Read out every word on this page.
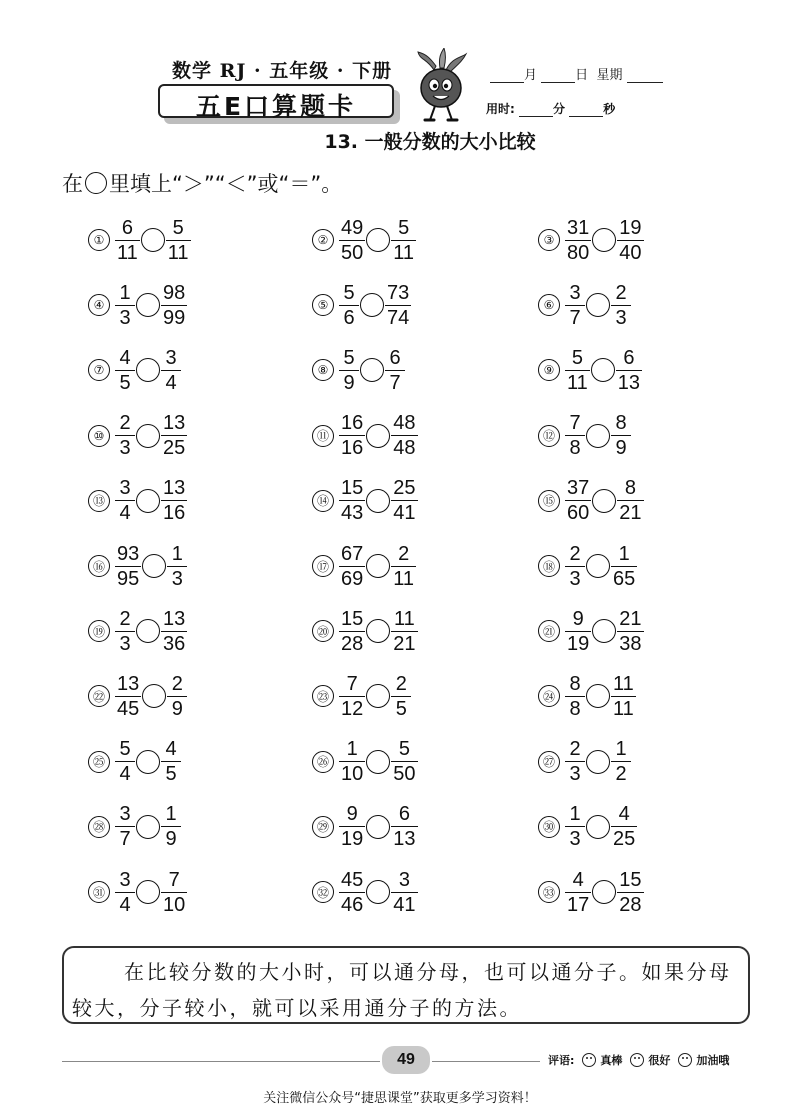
数学 RJ · 五年级 · 下册
五E口算题卡
月	日 星期
用时:	分	秒
13. 一般分数的大小比较
在 里填上“＞”“＜”或“＝”。
① $\frac{6}{11} \frac{5}{11}$	② $\frac{49}{50} \frac{5}{11}$	③ $\frac{31}{80} \frac{19}{40}$
④ $\frac{1}{3} \frac{98}{99}$	⑤ $\frac{5}{6} \frac{73}{74}$	⑥ $\frac{3}{7} \frac{2}{3}$
⑦ $\frac{4}{5} \frac{3}{4}$	⑧ $\frac{5}{9} \frac{6}{7}$	⑨ $\frac{5}{11} \frac{6}{13}$
⑩ $\frac{2}{3} \frac{13}{25}$	⑪ $\frac{16}{16} \frac{48}{48}$	⑫ $\frac{7}{8} \frac{8}{9}$
⑬ $\frac{3}{4} \frac{13}{16}$	⑭ $\frac{15}{43} \frac{25}{41}$	⑮ $\frac{37}{60} \frac{8}{21}$
⑯ $\frac{93}{95} \frac{1}{3}$	⑰ $\frac{67}{69} \frac{2}{11}$	⑱ $\frac{2}{3} \frac{1}{65}$
⑲ $\frac{2}{3} \frac{13}{36}$	⑳ $\frac{15}{28} \frac{11}{21}$	㉑ $\frac{9}{19} \frac{21}{38}$
㉒ $\frac{13}{45} \frac{2}{9}$	㉓ $\frac{7}{12} \frac{2}{5}$	㉔ $\frac{8}{8} \frac{11}{11}$
㉕ $\frac{5}{4} \frac{4}{5}$	㉖ $\frac{1}{10} \frac{5}{50}$	㉗ $\frac{2}{3} \frac{1}{2}$
㉘ $\frac{3}{7} \frac{1}{9}$	㉙ $\frac{9}{19} \frac{6}{13}$	㉚ $\frac{1}{3} \frac{4}{25}$
㉛ $\frac{3}{4} \frac{7}{10}$	㉜ $\frac{45}{46} \frac{3}{41}$	㉝ $\frac{4}{17} \frac{15}{28}$
在比较分数的大小时，可以通分母，也可以通分子。如果分母较大，分子较小，就可以采用通分子的方法。
49	评语: 真棒 很好 加油哦
关注微信公众号“捷思课堂”获取更多学习资料！
